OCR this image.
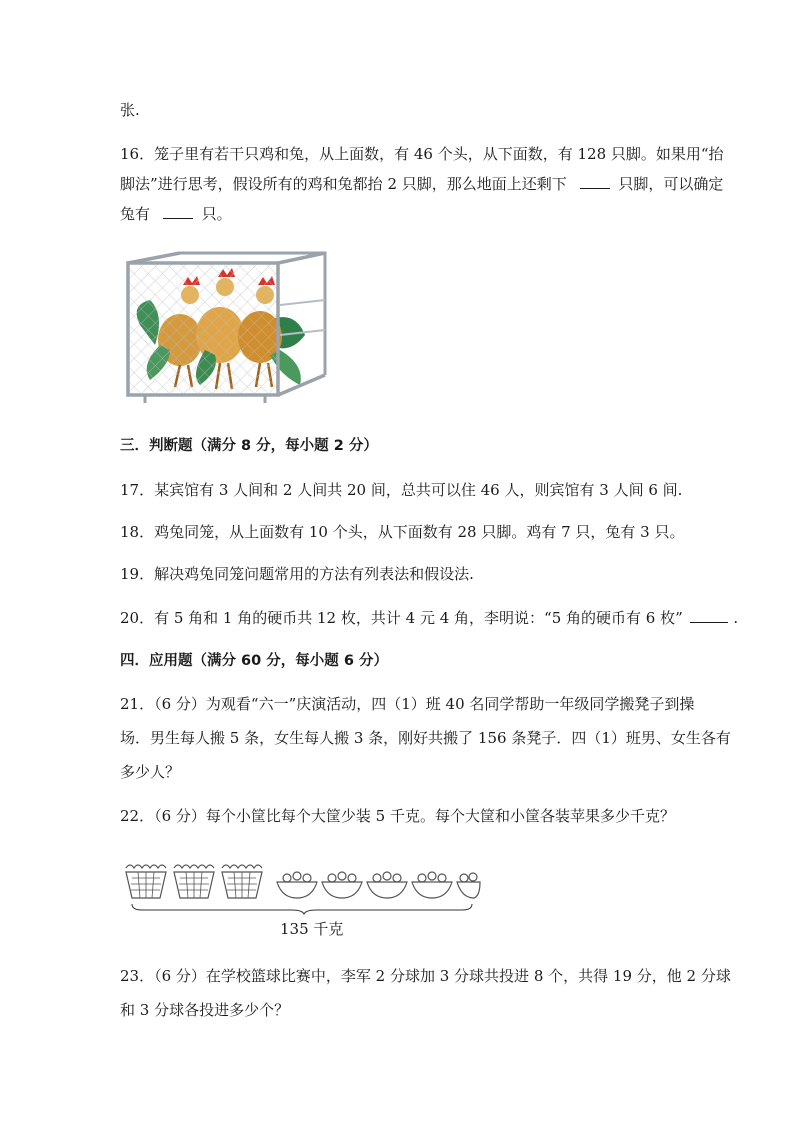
张.
16．笼子里有若干只鸡和兔，从上面数，有 46 个头，从下面数，有 128 只脚。如果用“抬
脚法”进行思考，假设所有的鸡和兔都抬 2 只脚，那么地面上还剩下	只脚，可以确定
兔有	只。
三．判断题（满分 8 分，每小题 2 分）
17．某宾馆有 3 人间和 2 人间共 20 间，总共可以住 46 人，则宾馆有 3 人间 6 间.
18．鸡兔同笼，从上面数有 10 个头，从下面数有 28 只脚。鸡有 7 只，兔有 3 只。
19．解决鸡兔同笼问题常用的方法有列表法和假设法.
20．有 5 角和 1 角的硬币共 12 枚，共计 4 元 4 角，李明说：“5 角的硬币有 6 枚”	.
四．应用题（满分 60 分，每小题 6 分）
21．（6 分）为观看“六一”庆演活动，四（1）班 40 名同学帮助一年级同学搬凳子到操
场．男生每人搬 5 条，女生每人搬 3 条，刚好共搬了 156 条凳子．四（1）班男、女生各有
多少人？
22．（6 分）每个小筐比每个大筐少装 5 千克。每个大筐和小筐各装苹果多少千克？
135 千克
23．（6 分）在学校篮球比赛中，李军 2 分球加 3 分球共投进 8 个，共得 19 分，他 2 分球
和 3 分球各投进多少个？
